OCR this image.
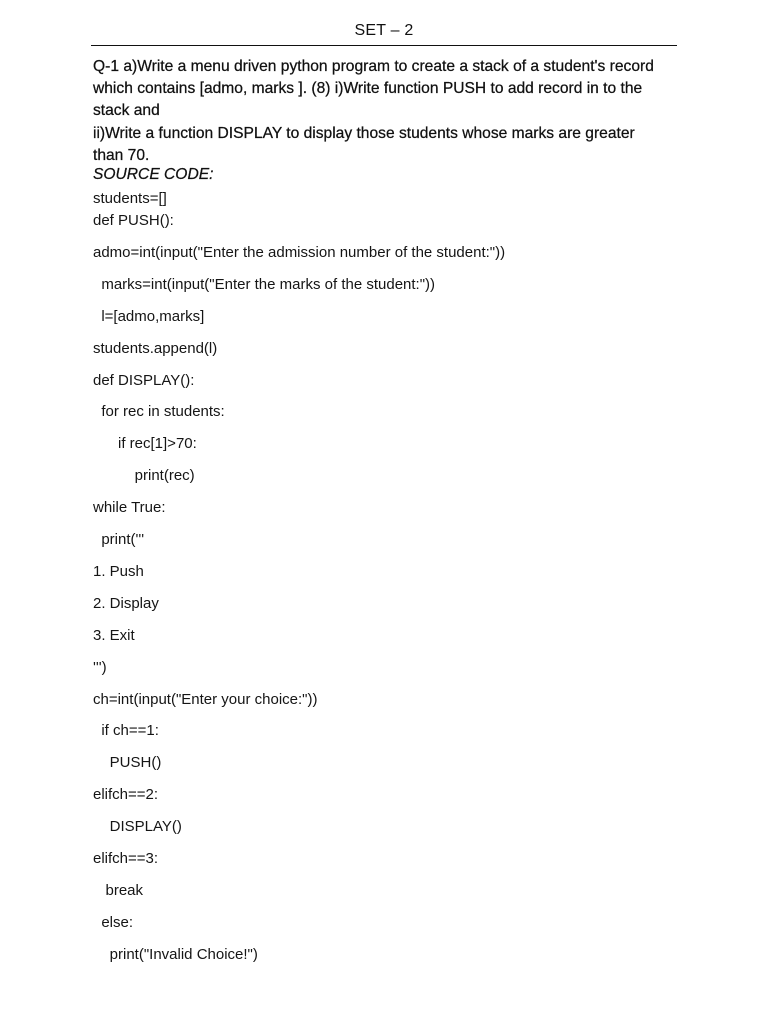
SET – 2

Q-1 a)Write a menu driven python program to create a stack of a student's record

which contains [admo, marks ]. (8) i)Write function PUSH to add record in to the

stack and

ii)Write a function DISPLAY to display those students whose marks are greater

than 70.

SOURCE CODE:
students=[]
def PUSH():
admo=int(input("Enter the admission number of the student:"))
marks=int(input("Enter the marks of the student:"))
l=[admo,marks]
students.append(l)
def DISPLAY():
for rec in students:
if rec[1]>70:
print(rec)
while True:
print('''
1. Push
2. Display
3. Exit
''')
ch=int(input("Enter your choice:"))
if ch==1:
PUSH()
elifch==2:
DISPLAY()
elifch==3:
break
else:
print("Invalid Choice!")
